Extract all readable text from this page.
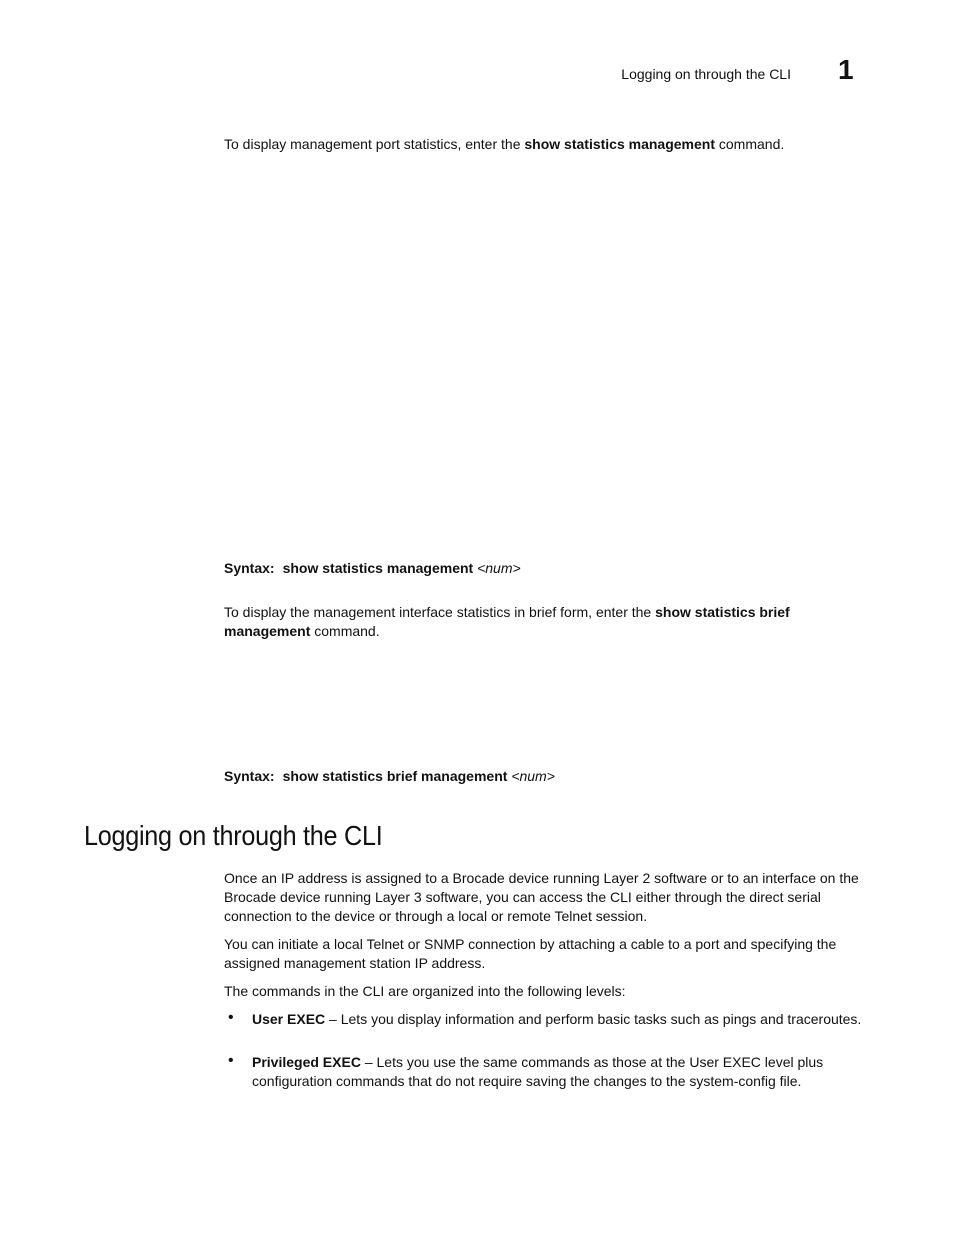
Logging on through the CLI 1

To display management port statistics, enter the show statistics management command.

Syntax: show statistics management <num>

To display the management interface statistics in brief form, enter the show statistics brief management command.

Syntax: show statistics brief management <num>

Logging on through the CLI

Once an IP address is assigned to a Brocade device running Layer 2 software or to an interface on the Brocade device running Layer 3 software, you can access the CLI either through the direct serial connection to the device or through a local or remote Telnet session.

You can initiate a local Telnet or SNMP connection by attaching a cable to a port and specifying the assigned management station IP address.

The commands in the CLI are organized into the following levels:

• User EXEC – Lets you display information and perform basic tasks such as pings and traceroutes.
• Privileged EXEC – Lets you use the same commands as those at the User EXEC level plus configuration commands that do not require saving the changes to the system-config file.
